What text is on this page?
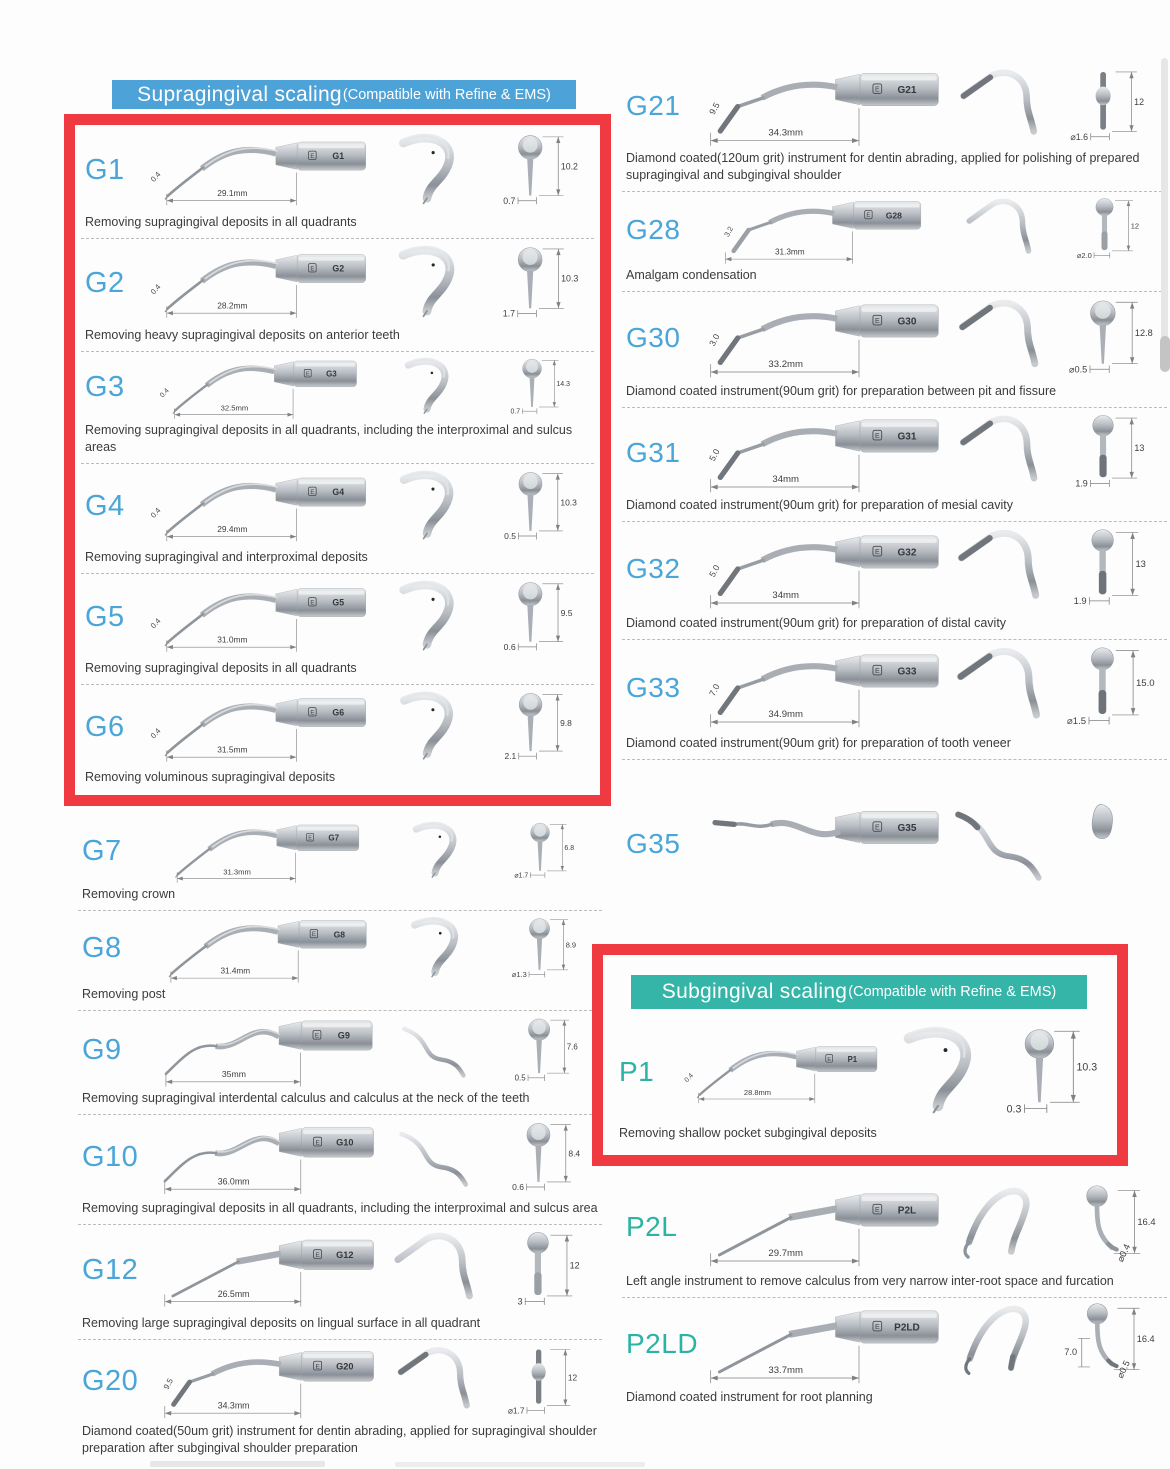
Supragingival scaling (Compatible with Refine & EMS)
G1	E G1
29.1mm
0.4
10.2
0.7
Removing supragingival deposits in all quadrants
G2	E G2
28.2mm
0.4
10.3
1.7
Removing heavy supragingival deposits on anterior teeth
G3	E G3
32.5mm
0.4
14.3
0.7
Removing supragingival deposits in all quadrants, including the interproximal and sulcus areas
G4	E G4
29.4mm
0.4
10.3
0.5
Removing supragingival and interproximal deposits
G5	E G5
31.0mm
0.4
9.5
0.6
Removing supragingival deposits in all quadrants
G6	E G6
31.5mm
0.4
9.8
2.1
Removing voluminous supragingival deposits
G7	E G7
31.3mm
6.8
⌀1.7
Removing crown
G8	E G8
31.4mm
8.9
⌀1.3
Removing post
G9	E G9
35mm
7.6
0.5
Removing supragingival interdental calculus and calculus at the neck of the teeth
G10	E G10
36.0mm
8.4
0.6
Removing supragingival deposits in all quadrants, including the interproximal and sulcus area
G12	E G12
26.5mm
12
3
Removing large supragingival deposits on lingual surface in all quadrant
G20	E G20
34.3mm
9.5	12
⌀1.7
Diamond coated(50um grit) instrument for dentin abrading, applied for supragingival shoulder preparation after subgingival shoulder preparation
G21	E G21
34.3mm
9.5	12
⌀1.6
Diamond coated(120um grit) instrument for dentin abrading, applied for polishing of prepared supragingival and subgingival shoulder
G28	E G28
31.3mm
3.2	12
⌀2.0
Amalgam condensation
G30	E G30
33.2mm
3.0	12.8
⌀0.5
Diamond coated instrument(90um grit) for preparation between pit and fissure
G31	E G31
34mm
5.0	13
1.9
Diamond coated instrument(90um grit) for preparation of mesial cavity
G32	E G32
34mm
5.0	13
1.9
Diamond coated instrument(90um grit) for preparation of distal cavity
G33	E G33
34.9mm
7.0	15.0
⌀1.5
Diamond coated instrument(90um grit) for preparation of tooth veneer
G35	E G35
Subgingival scaling (Compatible with Refine & EMS)
P1	E P1
28.8mm
0.4
10.3
0.3
Removing shallow pocket subgingival deposits
P2L	E P2L
29.7mm
16.4
⌀0.4
Left angle instrument to remove calculus from very narrow inter-root space and furcation
P2LD	E P2LD
33.7mm
16.4
⌀0.5
7.0
Diamond coated instrument for root planning
